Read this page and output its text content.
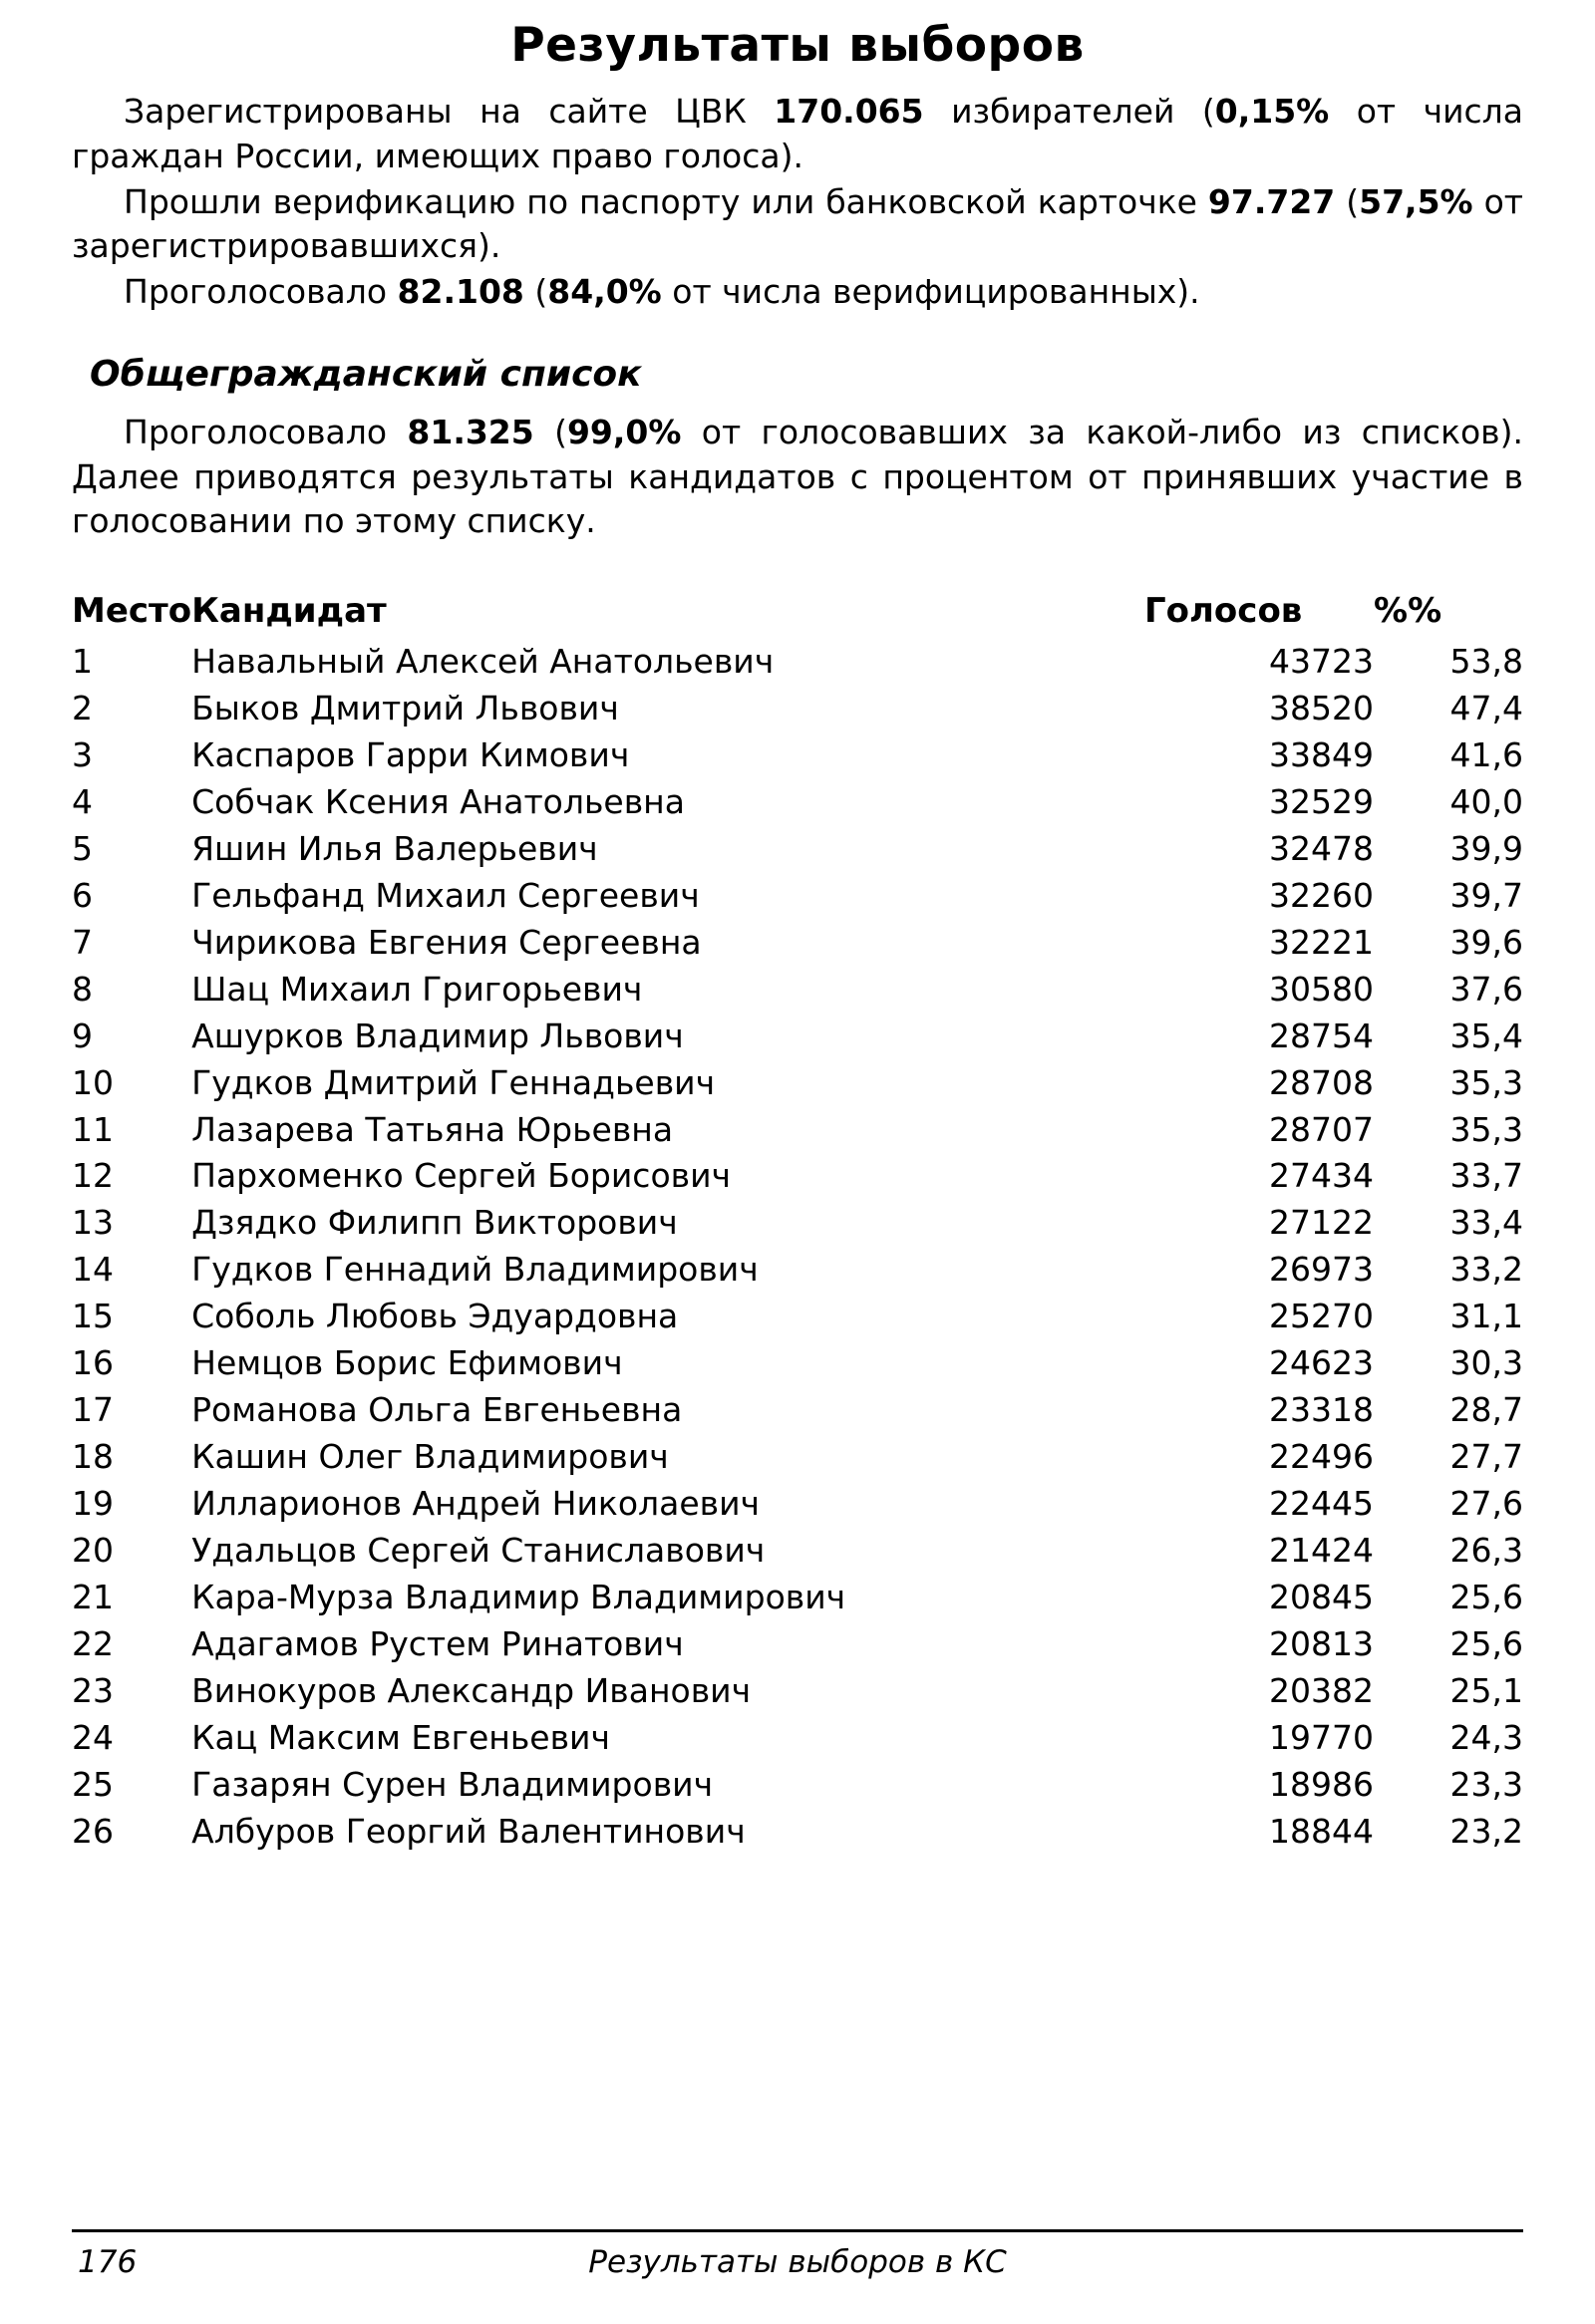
Результаты выборов

Зарегистрированы на сайте ЦВК 170.065 избирателей (0,15% от числа граждан России, имеющих право голоса).

Прошли верификацию по паспорту или банковской карточке 97.727 (57,5% от зарегистрировавшихся).

Проголосовало 82.108 (84,0% от числа верифицированных).

Общегражданский список

Проголосовало 81.325 (99,0% от голосовавших за какой-либо из списков). Далее приводятся результаты кандидатов с процентом от принявших участие в голосовании по этому списку.

Место	Кандидат	Голосов	%%
1	Навальный Алексей Анатольевич	43723	53,8
2	Быков Дмитрий Львович	38520	47,4
3	Каспаров Гарри Кимович	33849	41,6
4	Собчак Ксения Анатольевна	32529	40,0
5	Яшин Илья Валерьевич	32478	39,9
6	Гельфанд Михаил Сергеевич	32260	39,7
7	Чирикова Евгения Сергеевна	32221	39,6
8	Шац Михаил Григорьевич	30580	37,6
9	Ашурков Владимир Львович	28754	35,4
10	Гудков Дмитрий Геннадьевич	28708	35,3
11	Лазарева Татьяна Юрьевна	28707	35,3
12	Пархоменко Сергей Борисович	27434	33,7
13	Дзядко Филипп Викторович	27122	33,4
14	Гудков Геннадий Владимирович	26973	33,2
15	Соболь Любовь Эдуардовна	25270	31,1
16	Немцов Борис Ефимович	24623	30,3
17	Романова Ольга Евгеньевна	23318	28,7
18	Кашин Олег Владимирович	22496	27,7
19	Илларионов Андрей Николаевич	22445	27,6
20	Удальцов Сергей Станиславович	21424	26,3
21	Кара-Мурза Владимир Владимирович	20845	25,6
22	Адагамов Рустем Ринатович	20813	25,6
23	Винокуров Александр Иванович	20382	25,1
24	Кац Максим Евгеньевич	19770	24,3
25	Газарян Сурен Владимирович	18986	23,3
26	Албуров Георгий Валентинович	18844	23,2
176	Результаты выборов в КС
